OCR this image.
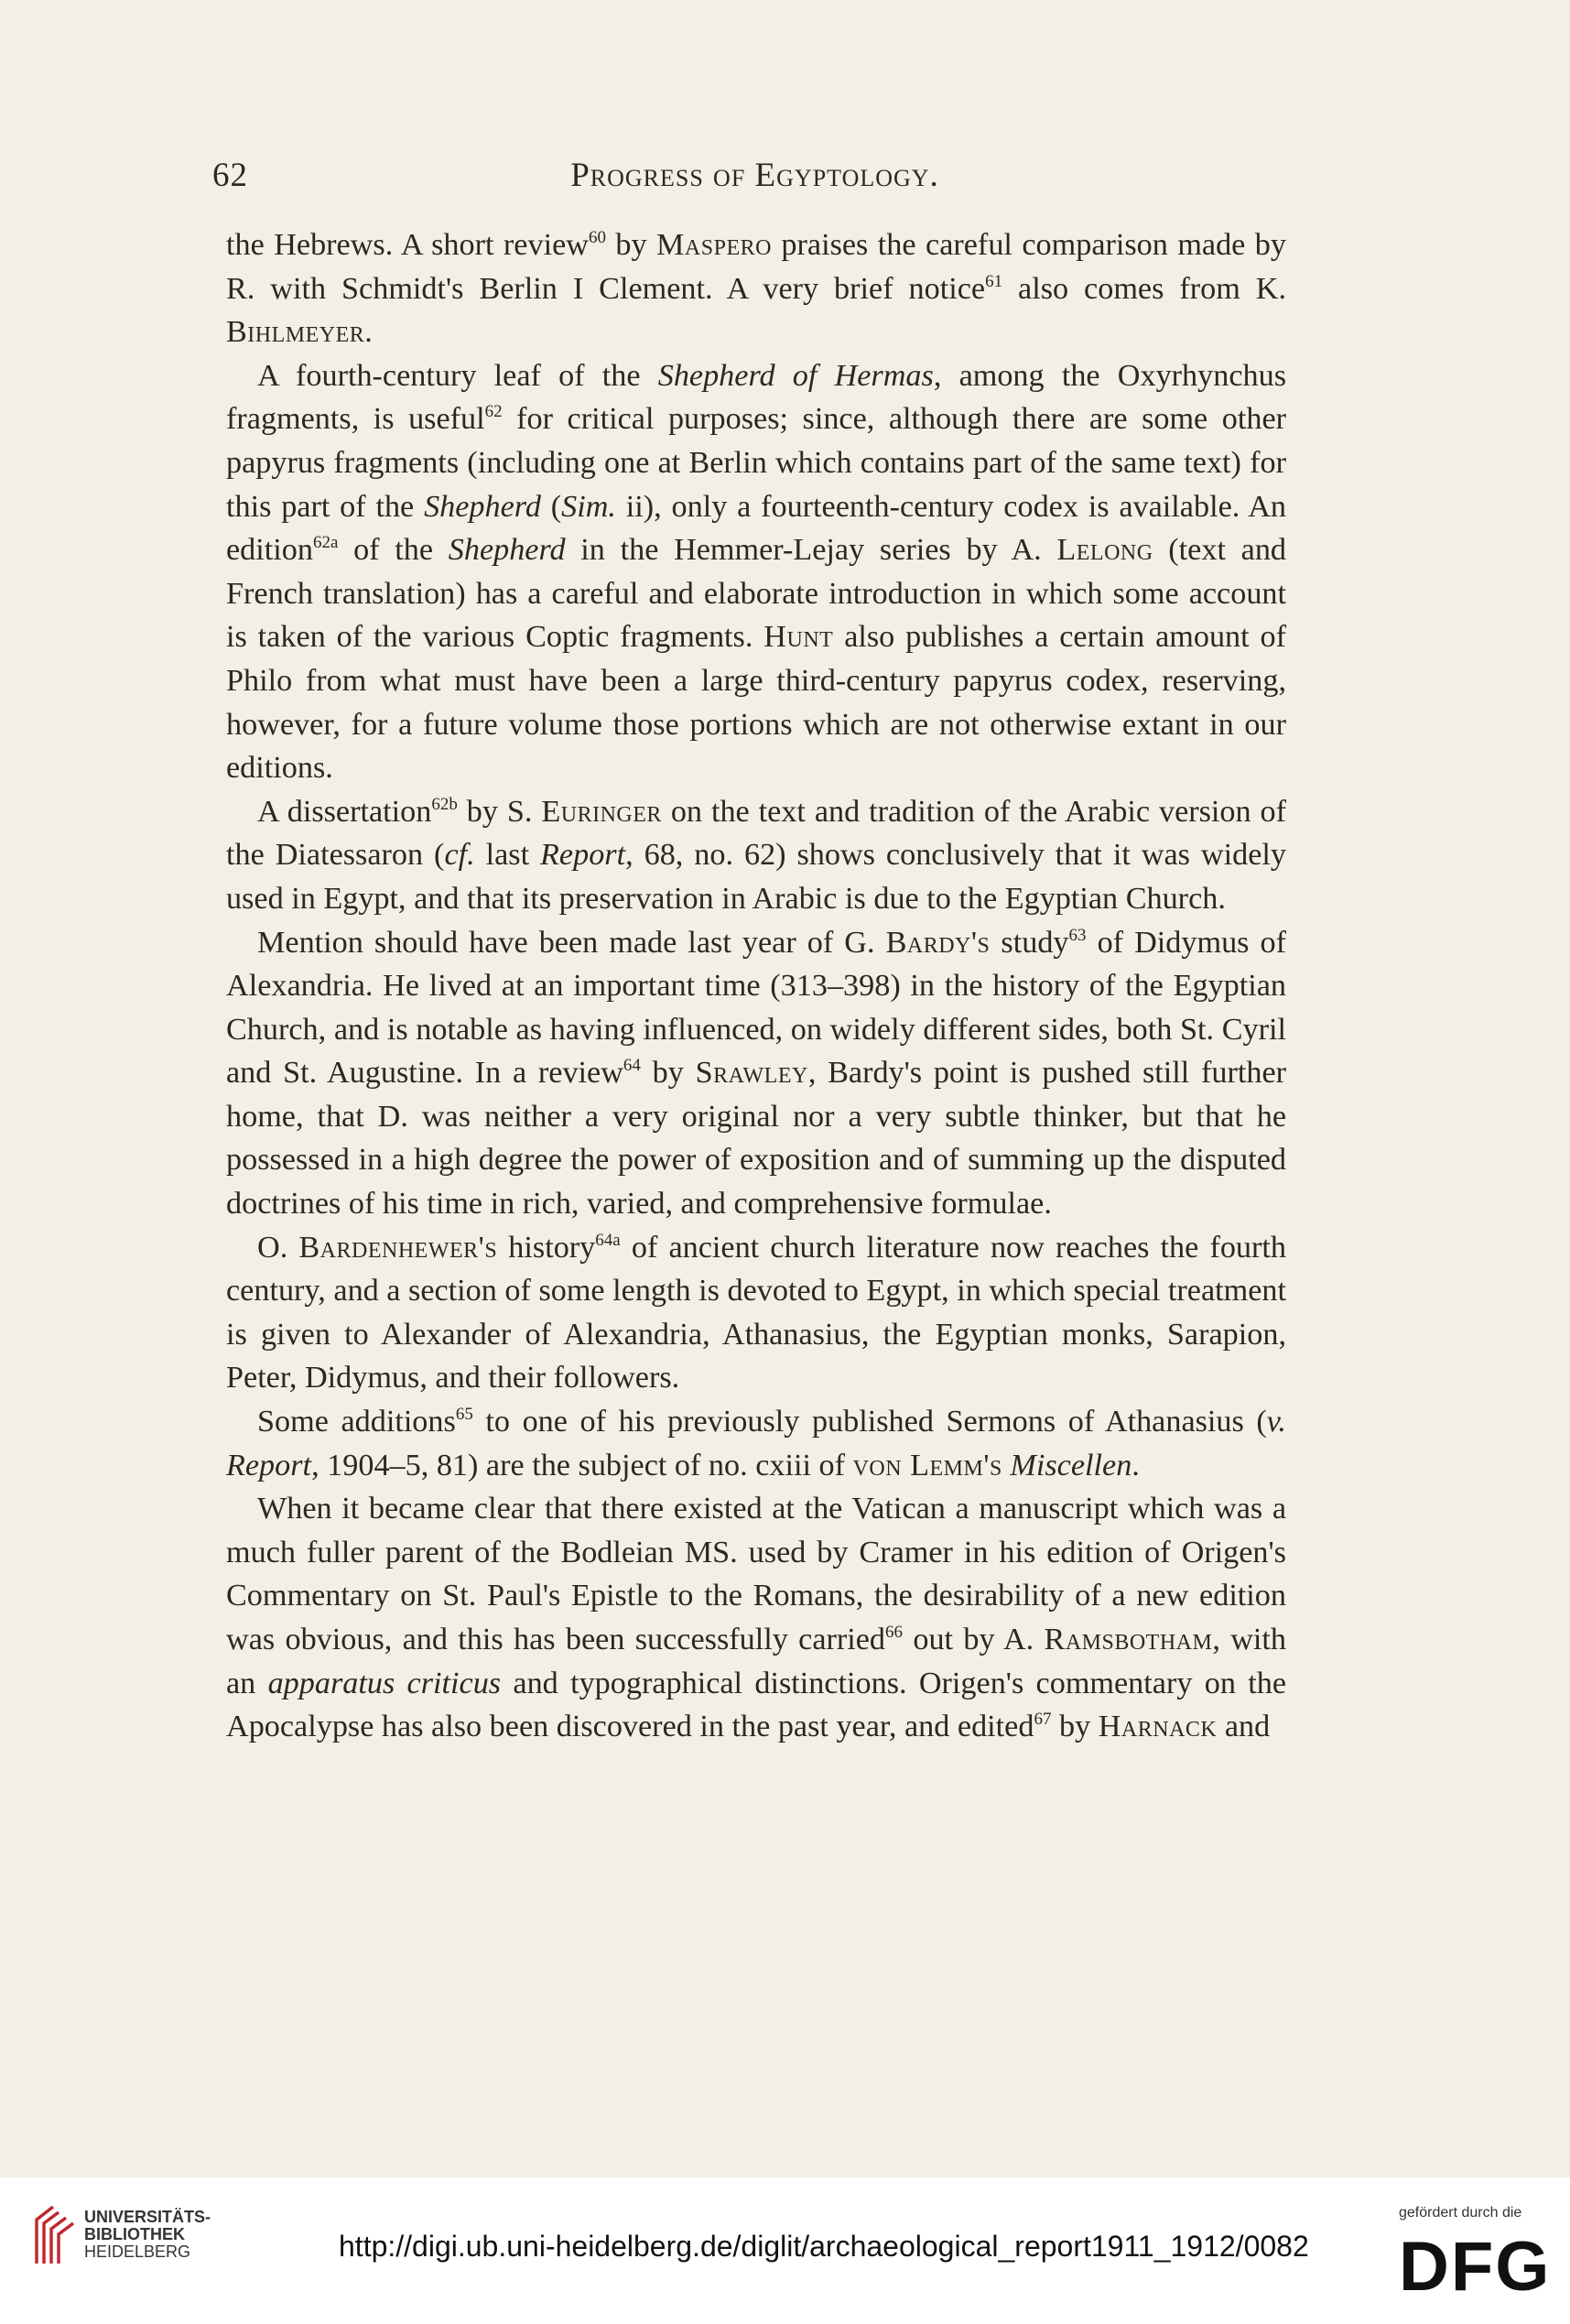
62	Progress of Egyptology.

the Hebrews. A short review$^{60}$ by Maspero praises the careful comparison made by R. with Schmidt's Berlin I Clement. A very brief notice$^{61}$ also comes from K. Bihlmeyer.

A fourth-century leaf of the Shepherd of Hermas, among the Oxyrhynchus fragments, is useful$^{62}$ for critical purposes; since, although there are some other papyrus fragments (including one at Berlin which contains part of the same text) for this part of the Shepherd (Sim. ii), only a fourteenth-century codex is available. An edition$^{62a}$ of the Shepherd in the Hemmer-Lejay series by A. Lelong (text and French translation) has a careful and elaborate introduction in which some account is taken of the various Coptic fragments. Hunt also publishes a certain amount of Philo from what must have been a large third-century papyrus codex, reserving, however, for a future volume those portions which are not otherwise extant in our editions.

A dissertation$^{62b}$ by S. Euringer on the text and tradition of the Arabic version of the Diatessaron (cf. last Report, 68, no. 62) shows conclusively that it was widely used in Egypt, and that its preservation in Arabic is due to the Egyptian Church.

Mention should have been made last year of G. Bardy's study$^{63}$ of Didymus of Alexandria. He lived at an important time (313–398) in the history of the Egyptian Church, and is notable as having influenced, on widely different sides, both St. Cyril and St. Augustine. In a review$^{64}$ by Srawley, Bardy's point is pushed still further home, that D. was neither a very original nor a very subtle thinker, but that he possessed in a high degree the power of exposition and of summing up the disputed doctrines of his time in rich, varied, and comprehensive formulae.

O. Bardenhewer's history$^{64a}$ of ancient church literature now reaches the fourth century, and a section of some length is devoted to Egypt, in which special treatment is given to Alexander of Alexandria, Athanasius, the Egyptian monks, Sarapion, Peter, Didymus, and their followers.

Some additions$^{65}$ to one of his previously published Sermons of Athanasius (v. Report, 1904–5, 81) are the subject of no. cxiii of von Lemm's Miscellen.

When it became clear that there existed at the Vatican a manuscript which was a much fuller parent of the Bodleian MS. used by Cramer in his edition of Origen's Commentary on St. Paul's Epistle to the Romans, the desirability of a new edition was obvious, and this has been successfully carried$^{66}$ out by A. Ramsbotham, with an apparatus criticus and typographical distinctions. Origen's commentary on the Apocalypse has also been discovered in the past year, and edited$^{67}$ by Harnack and

UNIVERSITÄTS-
BIBLIOTHEK
HEIDELBERG	http://digi.ub.uni-heidelberg.de/diglit/archaeological_report1911_1912/0082
gefördert durch die
DFG
